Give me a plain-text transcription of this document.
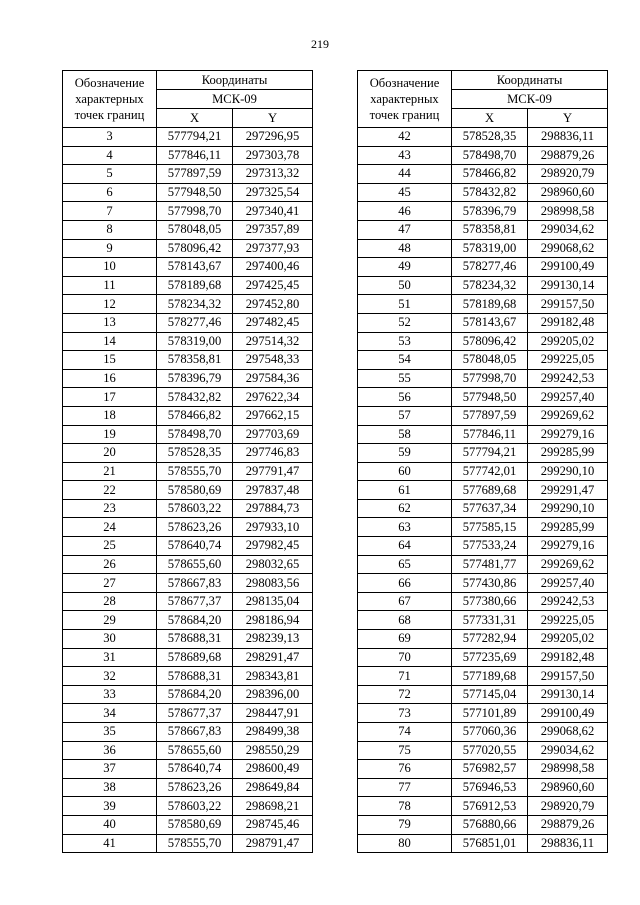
219
Обозначение
характерных
точек границ	Координаты	
	МСК-09	
	X	Y
3	577794,21	297296,95
4	577846,11	297303,78
5	577897,59	297313,32
6	577948,50	297325,54
7	577998,70	297340,41
8	578048,05	297357,89
9	578096,42	297377,93
10	578143,67	297400,46
11	578189,68	297425,45
12	578234,32	297452,80
13	578277,46	297482,45
14	578319,00	297514,32
15	578358,81	297548,33
16	578396,79	297584,36
17	578432,82	297622,34
18	578466,82	297662,15
19	578498,70	297703,69
20	578528,35	297746,83
21	578555,70	297791,47
22	578580,69	297837,48
23	578603,22	297884,73
24	578623,26	297933,10
25	578640,74	297982,45
26	578655,60	298032,65
27	578667,83	298083,56
28	578677,37	298135,04
29	578684,20	298186,94
30	578688,31	298239,13
31	578689,68	298291,47
32	578688,31	298343,81
33	578684,20	298396,00
34	578677,37	298447,91
35	578667,83	298499,38
36	578655,60	298550,29
37	578640,74	298600,49
38	578623,26	298649,84
39	578603,22	298698,21
40	578580,69	298745,46
41	578555,70	298791,47
Обозначение
характерных
точек границ	Координаты	
	МСК-09	
	X	Y
42	578528,35	298836,11
43	578498,70	298879,26
44	578466,82	298920,79
45	578432,82	298960,60
46	578396,79	298998,58
47	578358,81	299034,62
48	578319,00	299068,62
49	578277,46	299100,49
50	578234,32	299130,14
51	578189,68	299157,50
52	578143,67	299182,48
53	578096,42	299205,02
54	578048,05	299225,05
55	577998,70	299242,53
56	577948,50	299257,40
57	577897,59	299269,62
58	577846,11	299279,16
59	577794,21	299285,99
60	577742,01	299290,10
61	577689,68	299291,47
62	577637,34	299290,10
63	577585,15	299285,99
64	577533,24	299279,16
65	577481,77	299269,62
66	577430,86	299257,40
67	577380,66	299242,53
68	577331,31	299225,05
69	577282,94	299205,02
70	577235,69	299182,48
71	577189,68	299157,50
72	577145,04	299130,14
73	577101,89	299100,49
74	577060,36	299068,62
75	577020,55	299034,62
76	576982,57	298998,58
77	576946,53	298960,60
78	576912,53	298920,79
79	576880,66	298879,26
80	576851,01	298836,11
